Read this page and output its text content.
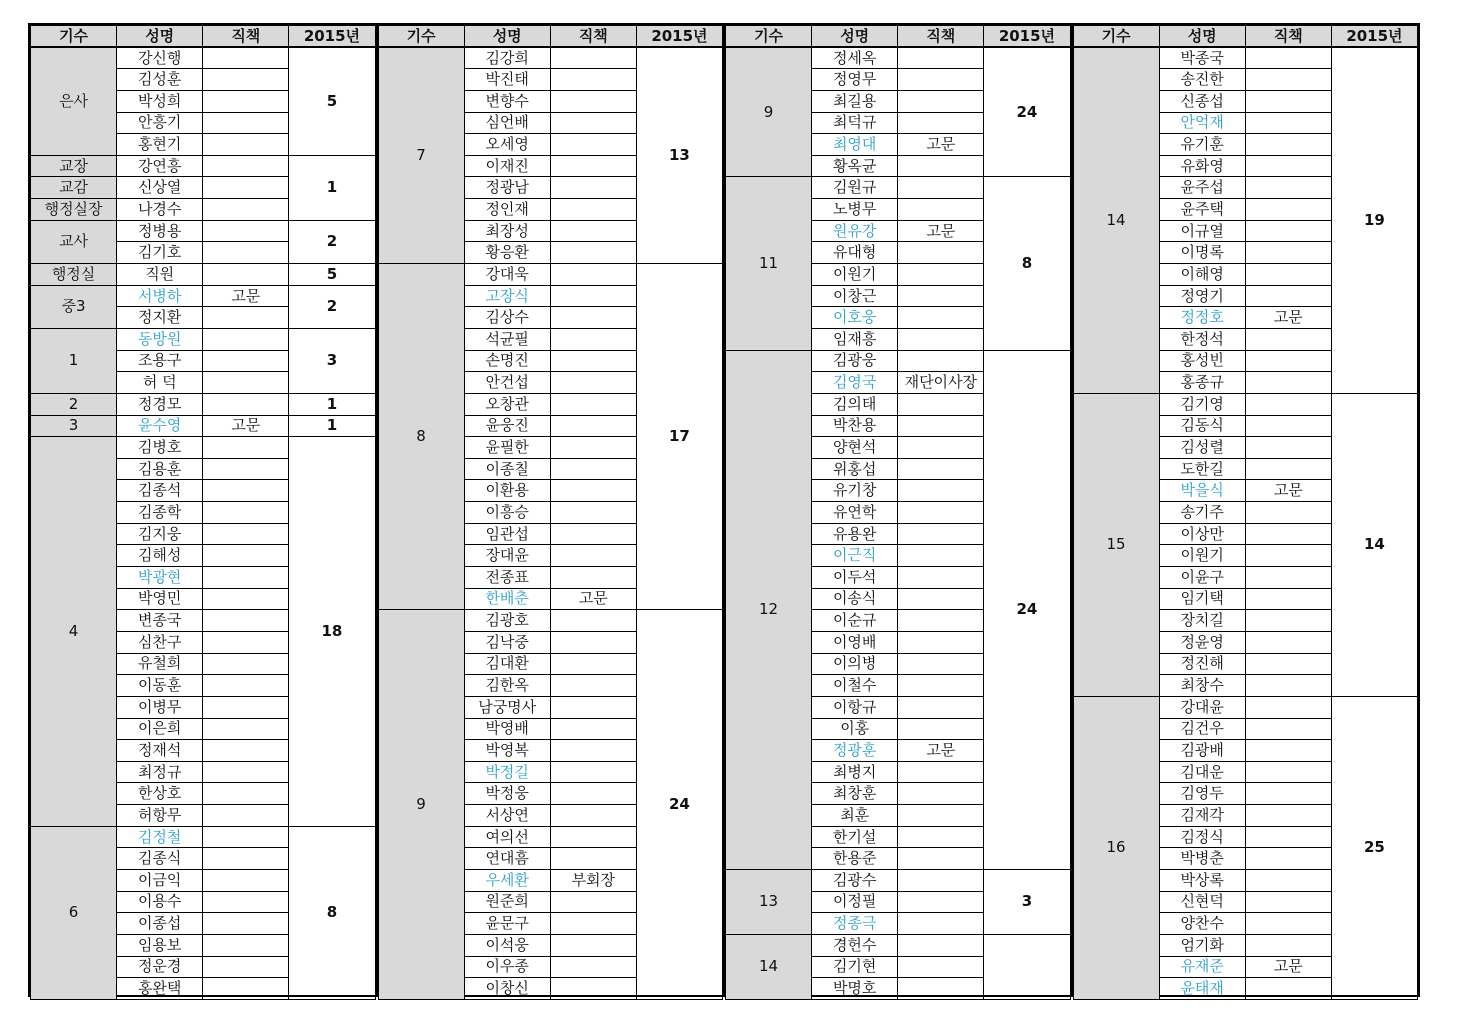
기수	성명	직책	2015년
은사	강신행		5
	김성훈		
	박성희		
	안흥기		
	홍현기		
교장	강연흥		1
교감	신상열		
행정실장	나경수		
교사	정병용		2
	김기호		
행정실	직원		5
중3	서병하	고문	2
	정지환		
1	동방원		3
	조용구		
	허 덕		
2	정경모		1
3	윤수영	고문	1
4	김병호		18
	김용훈		
	김종석		
	김종학		
	김지웅		
	김해성		
	박광현		
	박영민		
	변종국		
	심찬구		
	유철희		
	이동훈		
	이병무		
	이은희		
	정재석		
	최정규		
	한상호		
	허항무		
6	김정철		8
	김종식		
	이금익		
	이용수		
	이종섭		
	임용보		
	정운경		
	홍완택		
기수	성명	직책	2015년
7	김강희		13
	박진태		
	변향수		
	심언배		
	오세영		
	이재진		
	정광남		
	정인재		
	최장성		
	황응환		
8	강대욱		17
	고장식		
	김상수		
	석균필		
	손명진		
	안건섭		
	오창관		
	윤웅진		
	윤필한		
	이종칠		
	이환용		
	이흥승		
	임관섭		
	장대윤		
	전종표		
	한배춘	고문	
9	김광호		24
	김낙중		
	김대환		
	김한옥		
	남궁명사		
	박영배		
	박영복		
	박정길		
	박정웅		
	서상연		
	여의선		
	연대흠		
	우세환	부회장	
	원준희		
	윤문구		
	이석웅		
	이우종		
	이창신		
기수	성명	직책	2015년
9	정세옥		24
	정영무		
	최길용		
	최덕규		
	최영대	고문	
	황옥균		
11	김원규		8
	노병무		
	원유강	고문	
	유대형		
	이원기		
	이창근		
	이호웅		
	임재흥		
12	김광웅		24
	김영국	재단이사장	
	김의태		
	박찬용		
	양현석		
	위홍섭		
	유기창		
	유연학		
	유용완		
	이근직		
	이두석		
	이송식		
	이순규		
	이영배		
	이의병		
	이철수		
	이항규		
	이홍		
	정광훈	고문	
	최병지		
	최창훈		
	최훈		
	한기설		
	한용준		
13	김광수		3
	이정필		
	정종극		
14	경헌수		
	김기현		
	박명호		
기수	성명	직책	2015년
14	박종국		19
	송진한		
	신종섭		
	안억재		
	유기훈		
	유화영		
	윤주섭		
	윤주택		
	이규열		
	이명록		
	이해영		
	정영기		
	정정호	고문	
	한정석		
	홍성빈		
	홍종규		
15	김기영		14
	김동식		
	김성렬		
	도한길		
	박을식	고문	
	송기주		
	이상만		
	이원기		
	이윤구		
	임기택		
	장치길		
	정윤영		
	정진해		
	최창수		
16	강대윤		25
	김건우		
	김광배		
	김대운		
	김영두		
	김재각		
	김정식		
	박병춘		
	박상록		
	신현덕		
	양찬수		
	엄기화		
	유재준	고문	
	윤태재		
